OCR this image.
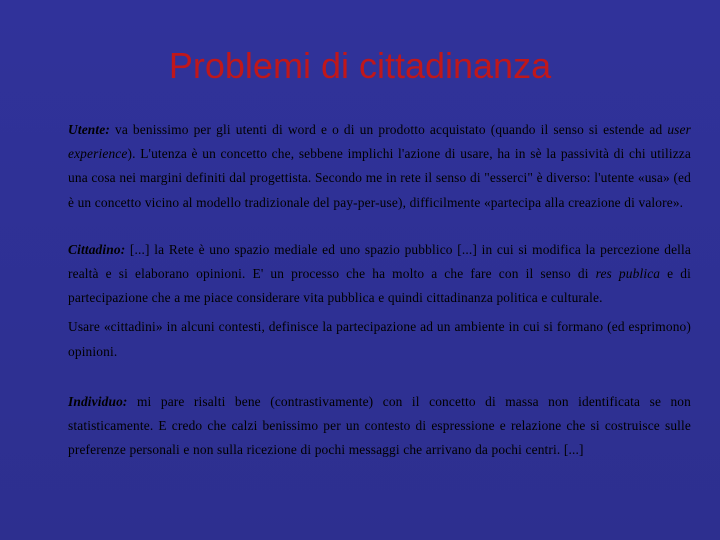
Problemi di cittadinanza

Utente: va benissimo per gli utenti di word e o di un prodotto acquistato (quando il senso si estende ad user experience). L'utenza è un concetto che, sebbene implichi l'azione di usare, ha in sè la passività di chi utilizza una cosa nei margini definiti dal progettista. Secondo me in rete il senso di "esserci" è diverso: l'utente «usa» (ed è un concetto vicino al modello tradizionale del pay-per-use), difficilmente «partecipa alla creazione di valore».

Cittadino: [...] la Rete è uno spazio mediale ed uno spazio pubblico [...] in cui si modifica la percezione della realtà e si elaborano opinioni. E' un processo che ha molto a che fare con il senso di res publica e di partecipazione che a me piace considerare vita pubblica e quindi cittadinanza politica e culturale.

Usare «cittadini» in alcuni contesti, definisce la partecipazione ad un ambiente in cui si formano (ed esprimono) opinioni.

Individuo: mi pare risalti bene (contrastivamente) con il concetto di massa non identificata se non statisticamente. E credo che calzi benissimo per un contesto di espressione e relazione che si costruisce sulle preferenze personali e non sulla ricezione di pochi messaggi che arrivano da pochi centri. [...]
